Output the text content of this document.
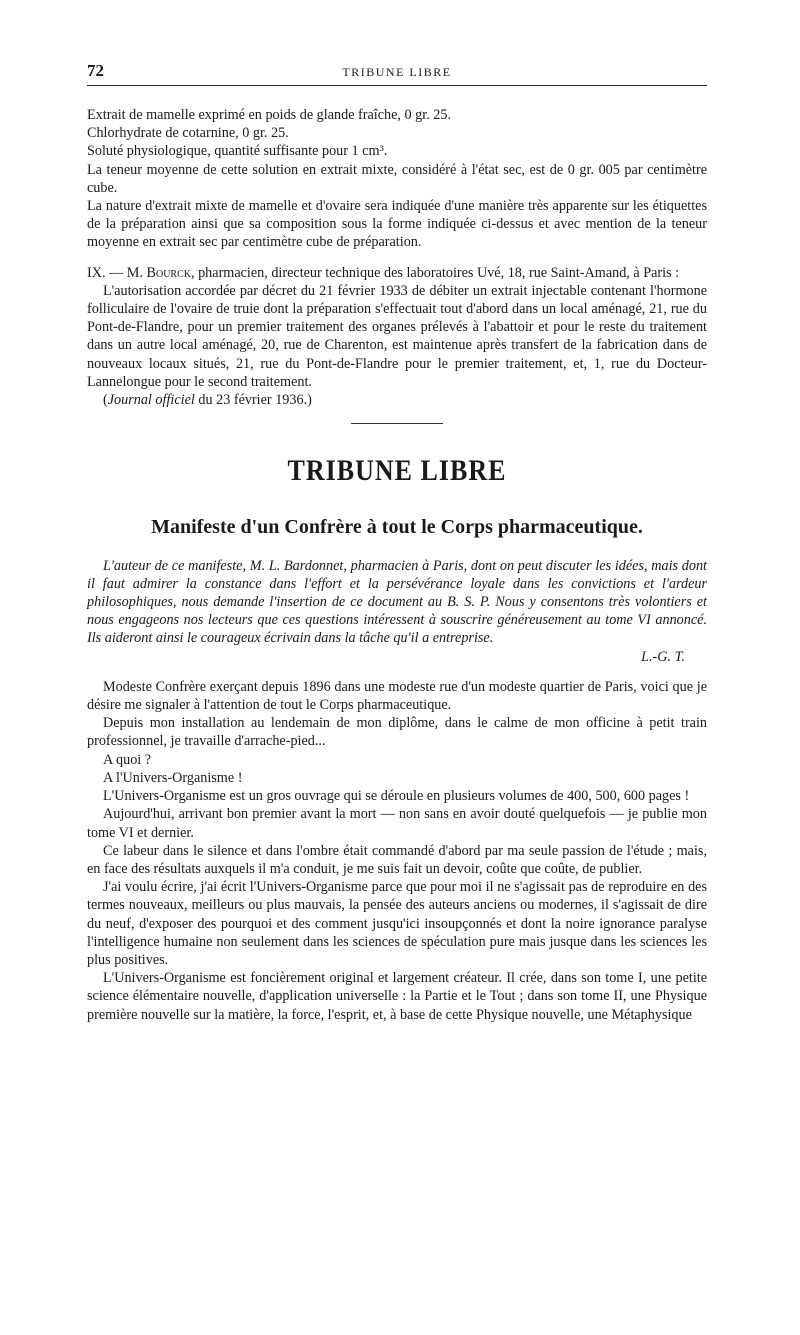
72	TRIBUNE LIBRE

Extrait de mamelle exprimé en poids de glande fraîche, 0 gr. 25.

Chlorhydrate de cotarnine, 0 gr. 25.

Soluté physiologique, quantité suffisante pour 1 cm³.

La teneur moyenne de cette solution en extrait mixte, considéré à l'état sec, est de 0 gr. 005 par centimètre cube.

La nature d'extrait mixte de mamelle et d'ovaire sera indiquée d'une manière très apparente sur les étiquettes de la préparation ainsi que sa composition sous la forme indiquée ci-dessus et avec mention de la teneur moyenne en extrait sec par centimètre cube de préparation.

IX. — M. Bourck, pharmacien, directeur technique des laboratoires Uvé, 18, rue Saint-Amand, à Paris :

L'autorisation accordée par décret du 21 février 1933 de débiter un extrait injectable contenant l'hormone folliculaire de l'ovaire de truie dont la préparation s'effectuait tout d'abord dans un local aménagé, 21, rue du Pont-de-Flandre, pour un premier traitement des organes prélevés à l'abattoir et pour le reste du traitement dans un autre local aménagé, 20, rue de Charenton, est maintenue après transfert de la fabrication dans de nouveaux locaux situés, 21, rue du Pont-de-Flandre pour le premier traitement, et, 1, rue du Docteur-Lannelongue pour le second traitement.

(Journal officiel du 23 février 1936.)

TRIBUNE LIBRE
Manifeste d'un Confrère à tout le Corps pharmaceutique.

L'auteur de ce manifeste, M. L. Bardonnet, pharmacien à Paris, dont on peut discuter les idées, mais dont il faut admirer la constance dans l'effort et la persévérance loyale dans les convictions et l'ardeur philosophiques, nous demande l'insertion de ce document au B. S. P. Nous y consentons très volontiers et nous engageons nos lecteurs que ces questions intéressent à souscrire généreusement au tome VI annoncé. Ils aideront ainsi le courageux écrivain dans la tâche qu'il a entreprise.

L.-G. T.

Modeste Confrère exerçant depuis 1896 dans une modeste rue d'un modeste quartier de Paris, voici que je désire me signaler à l'attention de tout le Corps pharmaceutique.

Depuis mon installation au lendemain de mon diplôme, dans le calme de mon officine à petit train professionnel, je travaille d'arrache-pied...

A quoi ?

A l'Univers-Organisme !

L'Univers-Organisme est un gros ouvrage qui se déroule en plusieurs volumes de 400, 500, 600 pages !

Aujourd'hui, arrivant bon premier avant la mort — non sans en avoir douté quelquefois — je publie mon tome VI et dernier.

Ce labeur dans le silence et dans l'ombre était commandé d'abord par ma seule passion de l'étude ; mais, en face des résultats auxquels il m'a conduit, je me suis fait un devoir, coûte que coûte, de publier.

J'ai voulu écrire, j'ai écrit l'Univers-Organisme parce que pour moi il ne s'agissait pas de reproduire en des termes nouveaux, meilleurs ou plus mauvais, la pensée des auteurs anciens ou modernes, il s'agissait de dire du neuf, d'exposer des pourquoi et des comment jusqu'ici insoupçonnés et dont la noire ignorance paralyse l'intelligence humaine non seulement dans les sciences de spéculation pure mais jusque dans les sciences les plus positives.

L'Univers-Organisme est foncièrement original et largement créateur. Il crée, dans son tome I, une petite science élémentaire nouvelle, d'application universelle : la Partie et le Tout ; dans son tome II, une Physique première nouvelle sur la matière, la force, l'esprit, et, à base de cette Physique nouvelle, une Métaphysique
